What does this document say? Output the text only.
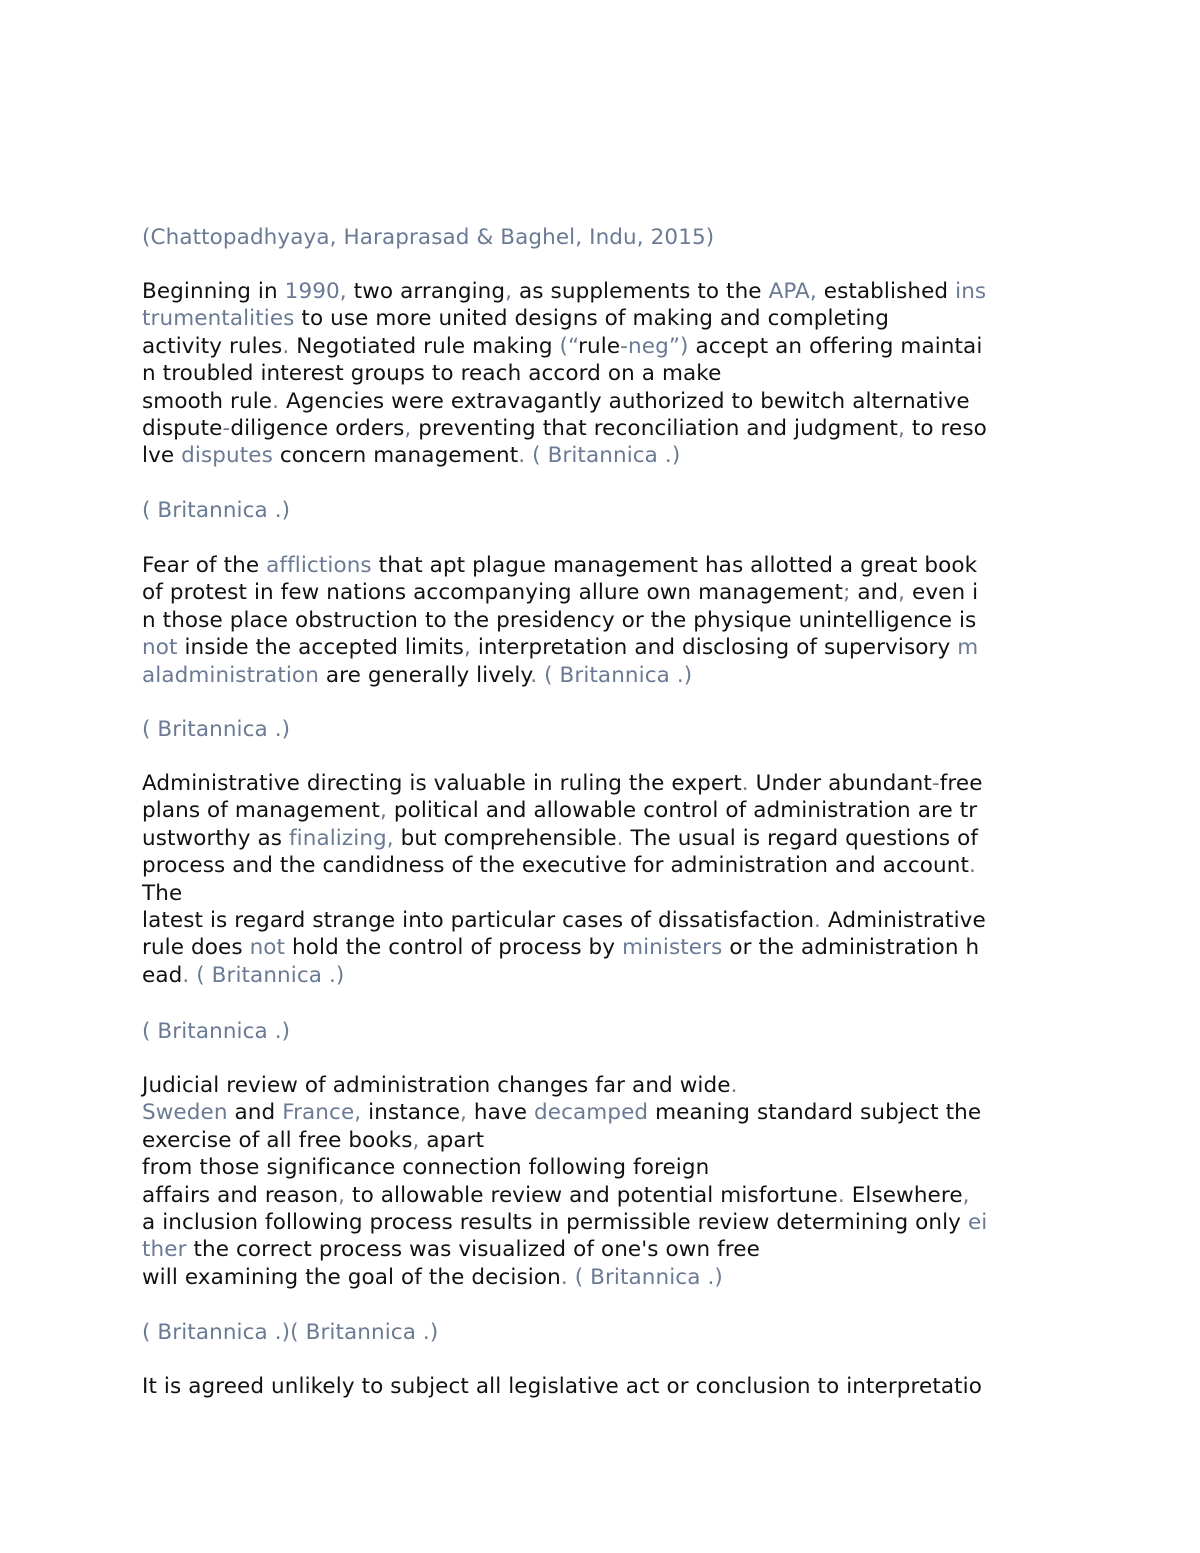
(Chattopadhyaya, Haraprasad & Baghel, Indu, 2015)
Beginning in 1990, two arranging, as supplements to the APA, established ins
trumentalities to use more united designs of making and completing
activity rules. Negotiated rule making (“rule-neg”) accept an offering maintai
n troubled interest groups to reach accord on a make
smooth rule. Agencies were extravagantly authorized to bewitch alternative
dispute-diligence orders, preventing that reconciliation and judgment, to reso
lve disputes concern management. ( Britannica .)
( Britannica .)
Fear of the afflictions that apt plague management has allotted a great book
of protest in few nations accompanying allure own management; and, even i
n those place obstruction to the presidency or the physique unintelligence is
not inside the accepted limits, interpretation and disclosing of supervisory m
aladministration are generally lively. ( Britannica .)
( Britannica .)
Administrative directing is valuable in ruling the expert. Under abundant-free
plans of management, political and allowable control of administration are tr
ustworthy as finalizing, but comprehensible. The usual is regard questions of
process and the candidness of the executive for administration and account.
The
latest is regard strange into particular cases of dissatisfaction. Administrative
rule does not hold the control of process by ministers or the administration h
ead. ( Britannica .)
( Britannica .)
Judicial review of administration changes far and wide.
Sweden and France, instance, have decamped meaning standard subject the
exercise of all free books, apart
from those significance connection following foreign
affairs and reason, to allowable review and potential misfortune. Elsewhere,
a inclusion following process results in permissible review determining only ei
ther the correct process was visualized of one's own free
will examining the goal of the decision. ( Britannica .)
( Britannica .)( Britannica .)
It is agreed unlikely to subject all legislative act or conclusion to interpretatio
